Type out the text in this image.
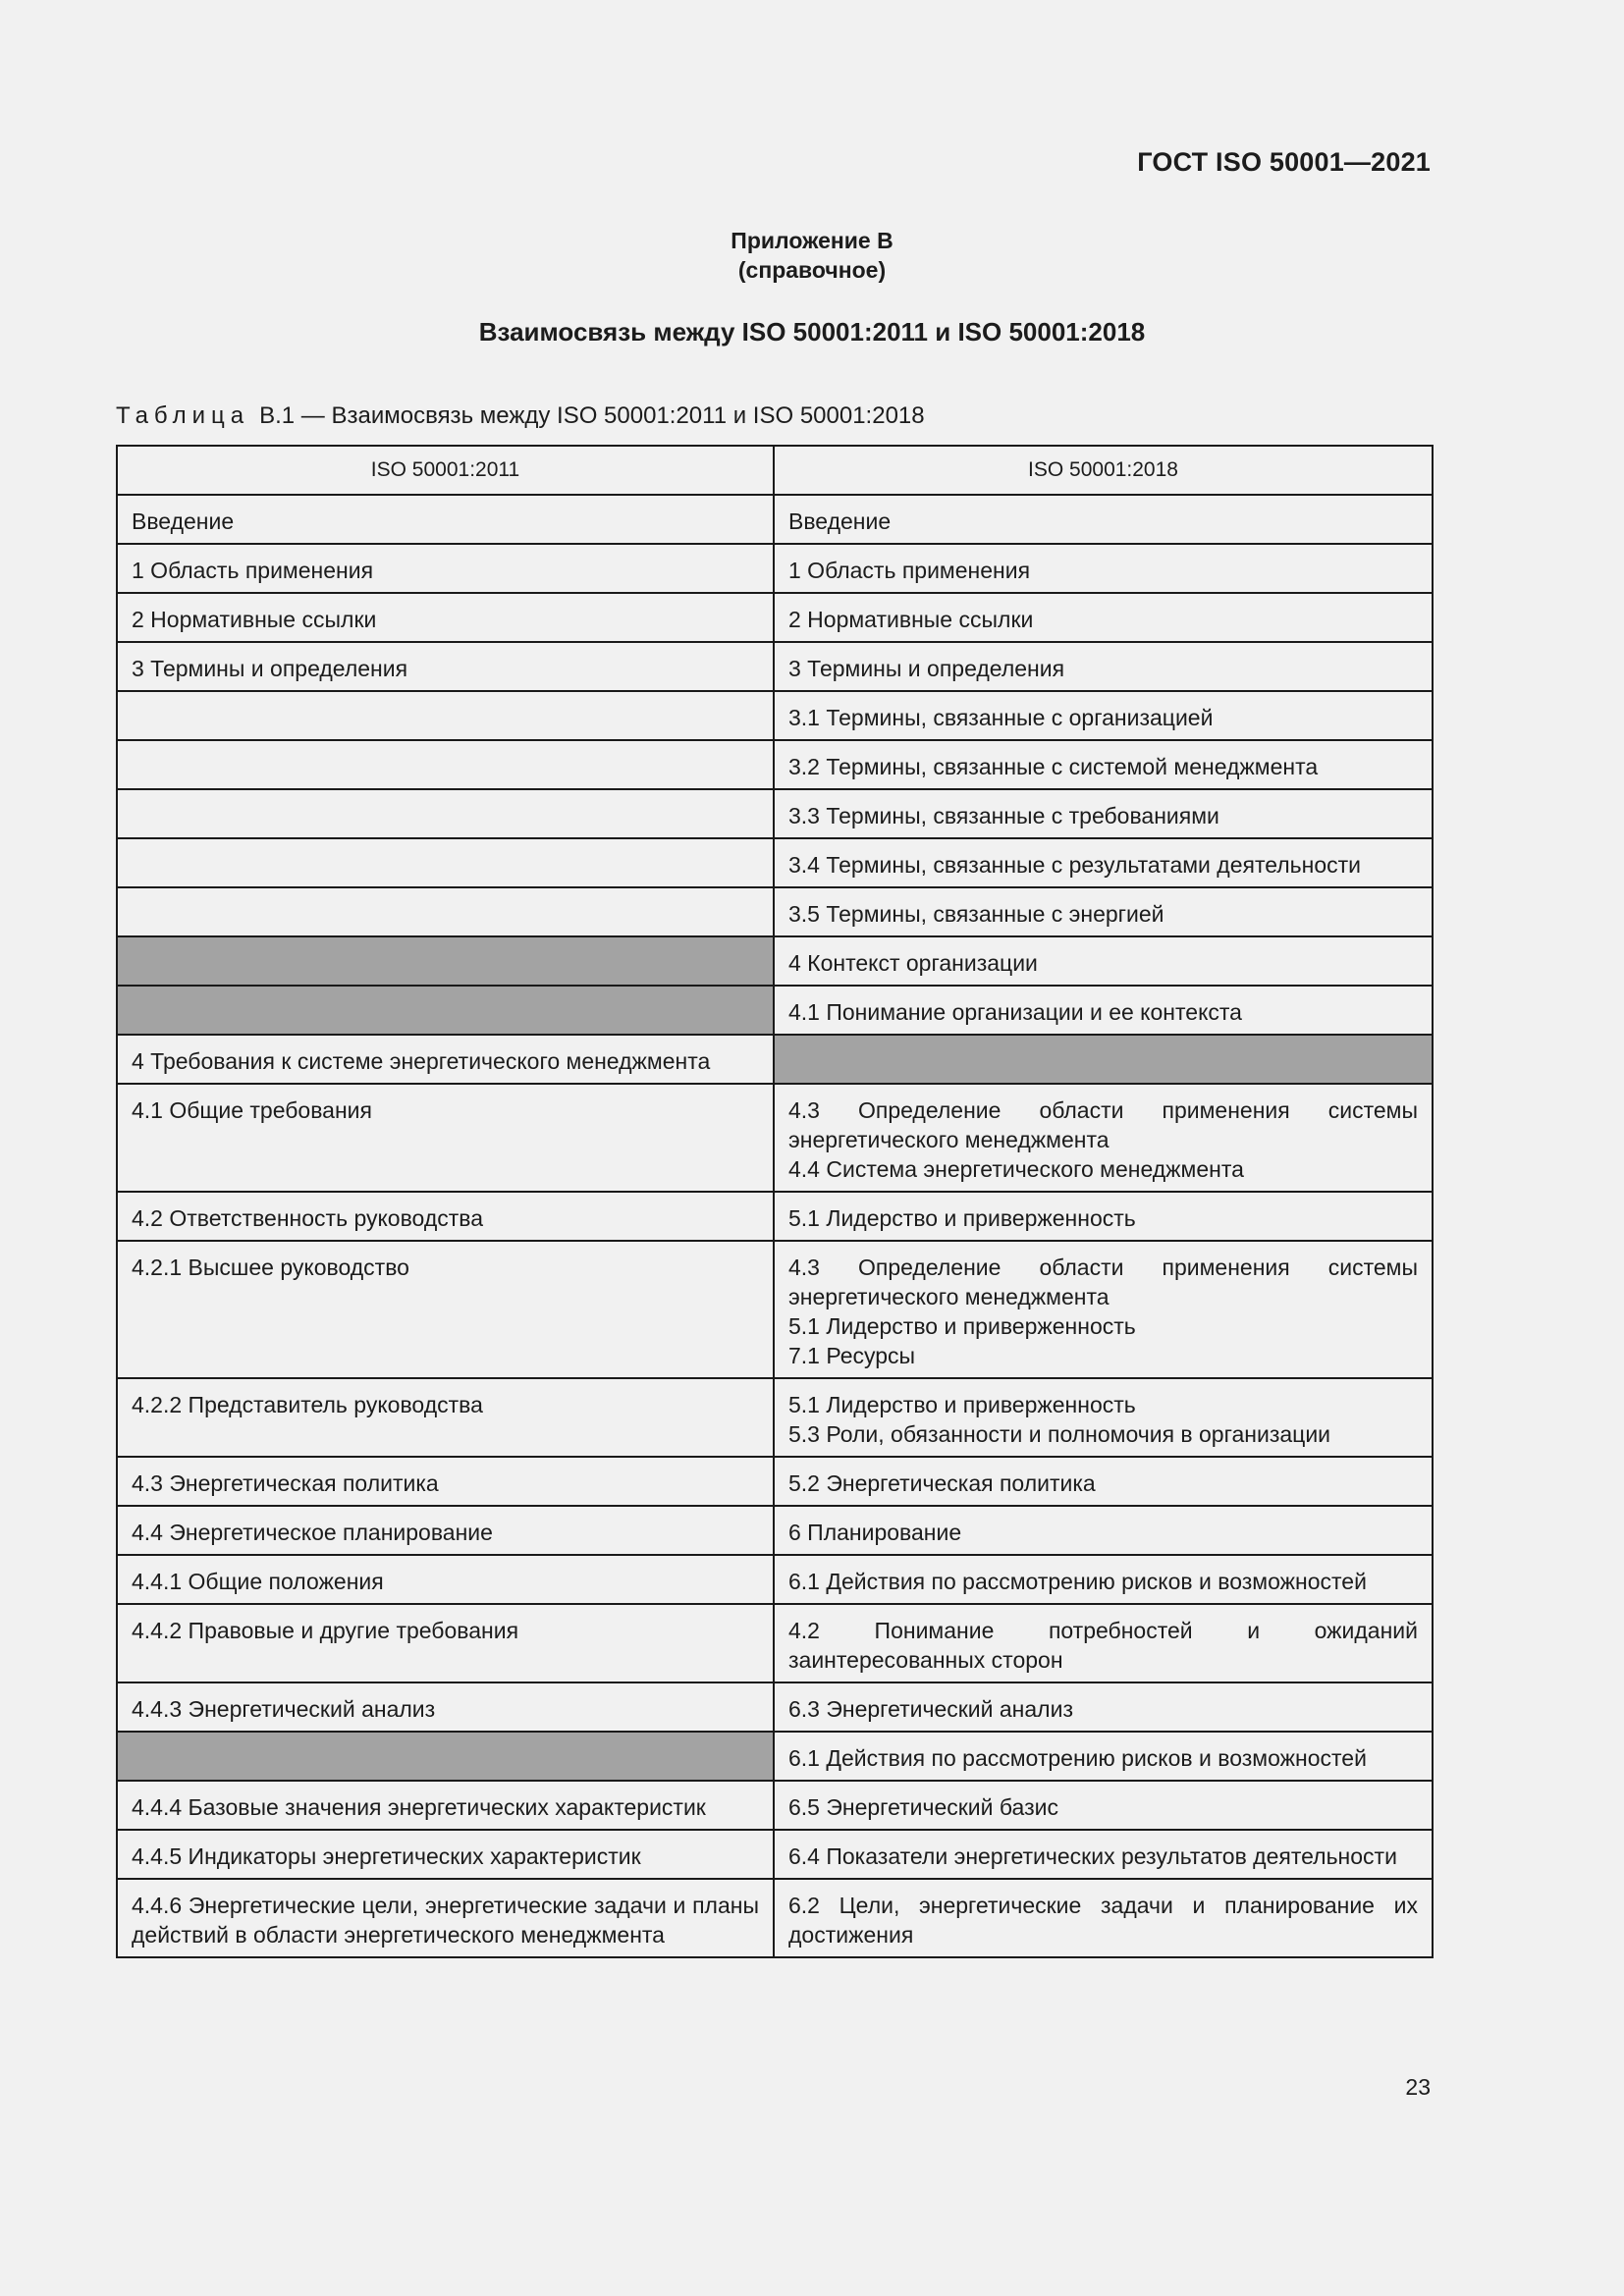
ГОСТ ISO 50001—2021
Приложение В
(справочное)
Взаимосвязь между ISO 50001:2011 и ISO 50001:2018
Таблица В.1 — Взаимосвязь между ISO 50001:2011 и ISO 50001:2018
ISO 50001:2011	ISO 50001:2018

Введение	Введение

1 Область применения	1 Область применения

2 Нормативные ссылки	2 Нормативные ссылки

3 Термины и определения	3 Термины и определения

	3.1 Термины, связанные с организацией

	3.2 Термины, связанные с системой менеджмента

	3.3 Термины, связанные с требованиями

	3.4 Термины, связанные с результатами деятельности

	3.5 Термины, связанные с энергией

	4 Контекст организации

	4.1 Понимание организации и ее контекста

4 Требования к системе энергетического менеджмента	

4.1 Общие требования	4.3 Определение области применения системы энергетического менеджмента
4.4 Система энергетического менеджмента

4.2 Ответственность руководства	5.1 Лидерство и приверженность

4.2.1 Высшее руководство	4.3 Определение области применения системы энергетического менеджмента
5.1 Лидерство и приверженность
7.1 Ресурсы

4.2.2 Представитель руководства	5.1 Лидерство и приверженность
5.3 Роли, обязанности и полномочия в организации

4.3 Энергетическая политика	5.2 Энергетическая политика

4.4 Энергетическое планирование	6 Планирование

4.4.1 Общие положения	6.1 Действия по рассмотрению рисков и возможностей

4.4.2 Правовые и другие требования	4.2 Понимание потребностей и ожиданий заинтересованных сторон

4.4.3 Энергетический анализ	6.3 Энергетический анализ

	6.1 Действия по рассмотрению рисков и возможностей

4.4.4 Базовые значения энергетических характеристик	6.5 Энергетический базис

4.4.5 Индикаторы энергетических характеристик	6.4 Показатели энергетических результатов деятельности

4.4.6 Энергетические цели, энергетические задачи и планы действий в области энергетического менеджмента	6.2 Цели, энергетические задачи и планирование их достижения
23
